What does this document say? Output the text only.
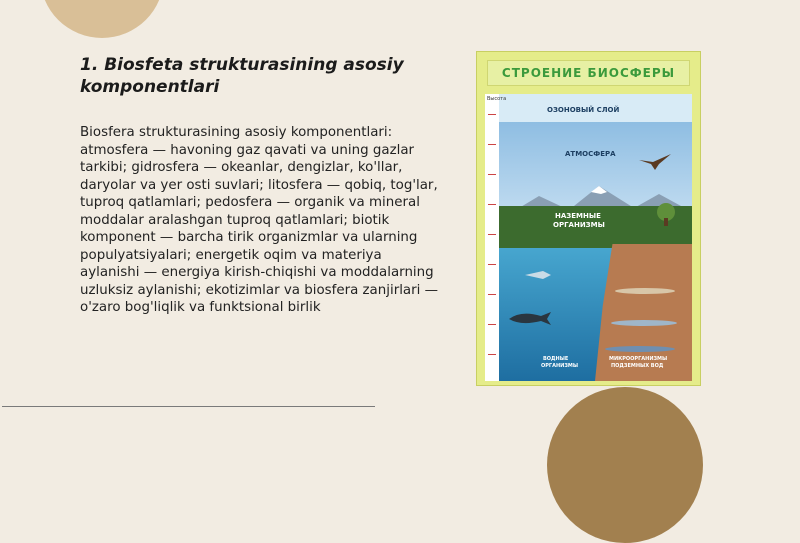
1. Biosfeta strukturasining asosiy komponentlari

Biosfera strukturasining asosiy komponentlari: atmosfera — havoning gaz qavati va uning gazlar tarkibi; gidrosfera — okeanlar, dengizlar, ko'llar, daryolar va yer osti suvlari; litosfera — qobiq, tog'lar, tuproq qatlamlari; pedosfera — organik va mineral moddalar aralashgan tuproq qatlamlari; biotik komponent — barcha tirik organizmlar va ularning populyatsiyalari; energetik oqim va materiya aylanishi — energiya kirish-chiqishi va moddalarning uzluksiz aylanishi; ekotizimlar va biosfera zanjirlari — o'zaro bog'liqlik va funktsional birlik

СТРОЕНИЕ БИОСФЕРЫ
Высота
ОЗОНОВЫЙ СЛОЙ
АТМОСФЕРА
НАЗЕМНЫЕ
ОРГАНИЗМЫ
ВОДНЫЕ
ОРГАНИЗМЫ
МИКРООРГАНИЗМЫ
ПОДЗЕМНЫХ ВОД
